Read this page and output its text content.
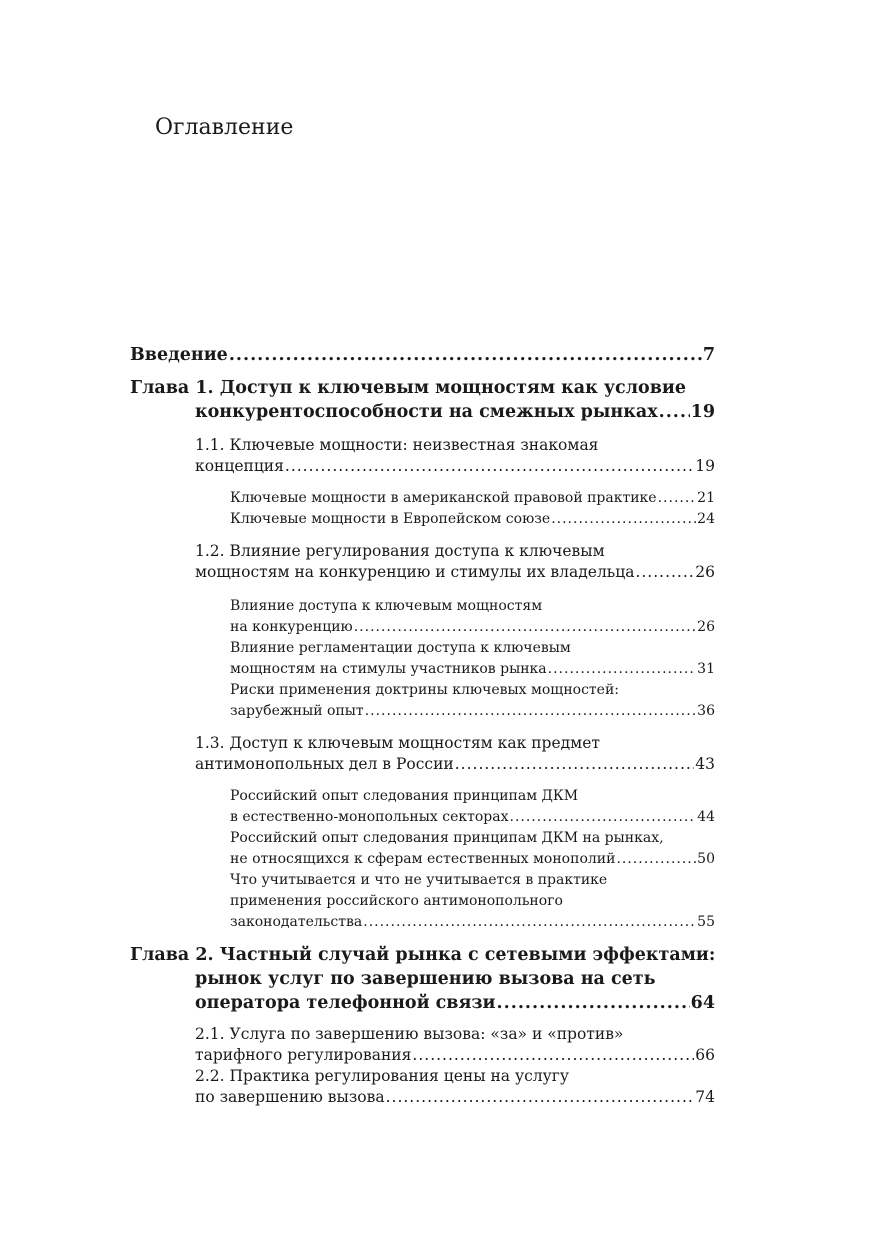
Оглавление
Введение .....	7
Глава 1. Доступ к ключевым мощностям как условие
конкурентоспособности на смежных рынках ..... 19
1.1. Ключевые мощности: неизвестная знакомая
концепция .....	19
Ключевые мощности в американской правовой практике .....	21
Ключевые мощности в Европейском союзе .....	24
1.2. Влияние регулирования доступа к ключевым
мощностям на конкуренцию и стимулы их владельца .....	26
Влияние доступа к ключевым мощностям
на конкуренцию .....	26
Влияние регламентации доступа к ключевым
мощностям на стимулы участников рынка .....	31
Риски применения доктрины ключевых мощностей:
зарубежный опыт .....	36
1.3. Доступ к ключевым мощностям как предмет
антимонопольных дел в России .....	43
Российский опыт следования принципам ДКМ
в естественно-монопольных секторах .....	44
Российский опыт следования принципам ДКМ на рынках,
не относящихся к сферам естественных монополий .....	50
Что учитывается и что не учитывается в практике
применения российского антимонопольного
законодательства .....	55
Глава 2. Частный случай рынка с сетевыми эффектами:
рынок услуг по завершению вызова на сеть
оператора телефонной связи .....	64
2.1. Услуга по завершению вызова: «за» и «против»
тарифного регулирования .....	66
2.2. Практика регулирования цены на услугу
по завершению вызова .....	74
